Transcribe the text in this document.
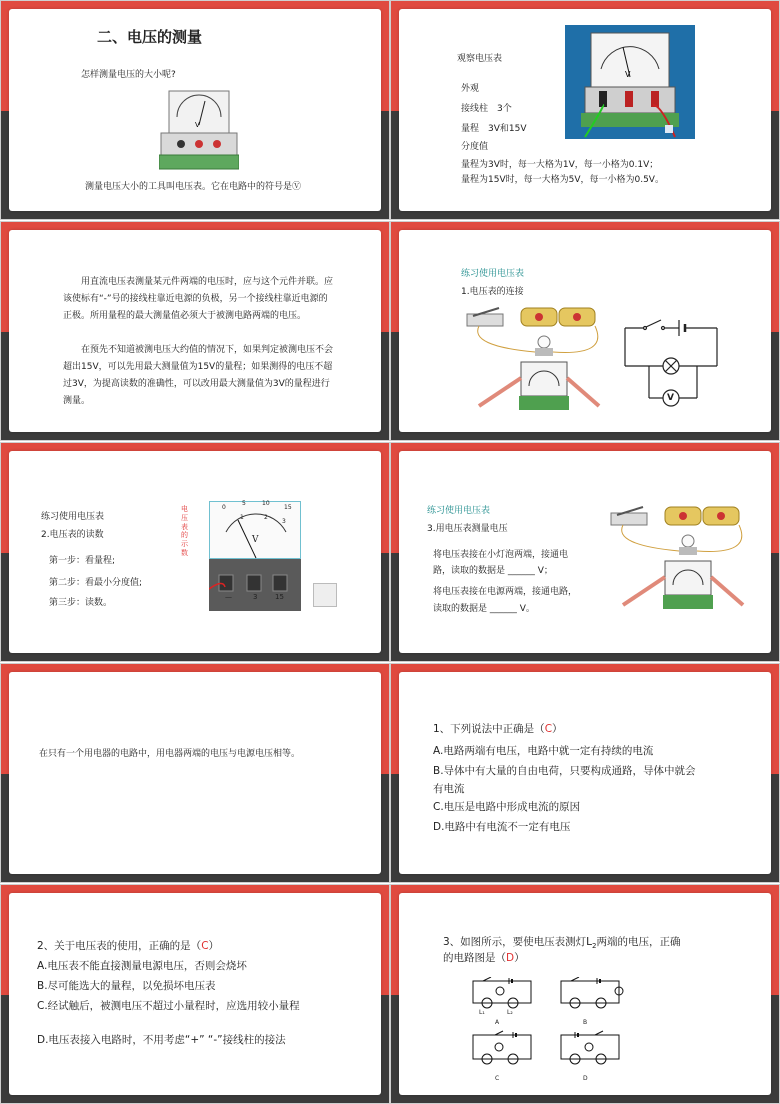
二、电压的测量
怎样测量电压的大小呢?
V
测量电压大小的工具叫电压表。它在电路中的符号是Ⓥ
观察电压表
V
外观
接线柱　3个
量程　3V和15V
分度值
量程为3V时，每一大格为1V，每一小格为0.1V；
量程为15V时，每一大格为5V，每一小格为0.5V。
用直流电压表测量某元件两端的电压时，应与这个元件并联。应该使标有“-”号的接线柱靠近电源的负极，另一个接线柱靠近电源的正极。所用量程的最大测量值必须大于被测电路两端的电压。
在预先不知道被测电压大约值的情况下，如果判定被测电压不会超出15V，可以先用最大测量值为15V的量程；如果测得的电压不超过3V，为提高读数的准确性，可以改用最大测量值为3V的量程进行测量。
练习使用电压表
1.电压表的连接
V
练习使用电压表
2.电压表的读数
第一步：看量程;
第二步：看最小分度值;
第三步：读数。
电压表的示数
0
5	10
15
1	2
3
V
—	3	15
练习使用电压表
3.用电压表测量电压
将电压表接在小灯泡两端，接通电
路，读取的数据是 ______ V；
将电压表接在电源两端，接通电路，
读取的数据是 ______ V。
在只有一个用电器的电路中，用电器两端的电压与电源电压相等。
1、下列说法中正确是（C）
A.电路两端有电压，电路中就一定有持续的电流
B.导体中有大量的自由电荷，只要构成通路，导体中就会有电流
C.电压是电路中形成电流的原因
D.电路中有电流不一定有电压
2、关于电压表的使用，正确的是（C）
A.电压表不能直接测量电源电压，否则会烧坏
B.尽可能选大的量程，以免损坏电压表
C.经试触后，被测电压不超过小量程时，应选用较小量程
D.电压表接入电路时，不用考虑“+” “-”接线柱的接法
3、如图所示，要使电压表测灯$L_2$两端的电压，正确
的电路图是（D）
A	B
C	D
L₁	L₂
